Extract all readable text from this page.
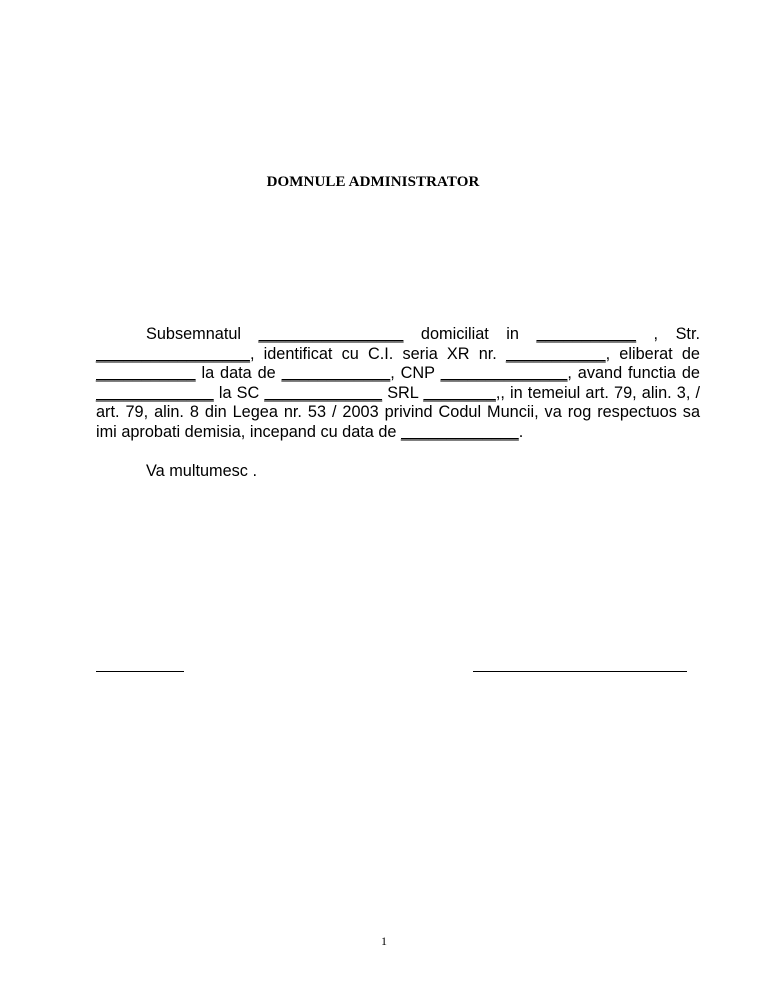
DOMNULE ADMINISTRATOR

Subsemnatul ________________ domiciliat in ___________ , Str. _________________, identificat cu C.I. seria XR nr. ___________, eliberat de ___________ la data de ____________, CNP ______________, avand functia de _____________ la SC _____________ SRL ________,, in temeiul art. 79, alin. 3, / art. 79, alin. 8 din Legea nr. 53 / 2003 privind Codul Muncii, va rog respectuos sa imi aprobati demisia, incepand cu data de _____________.

Va multumesc .
1
